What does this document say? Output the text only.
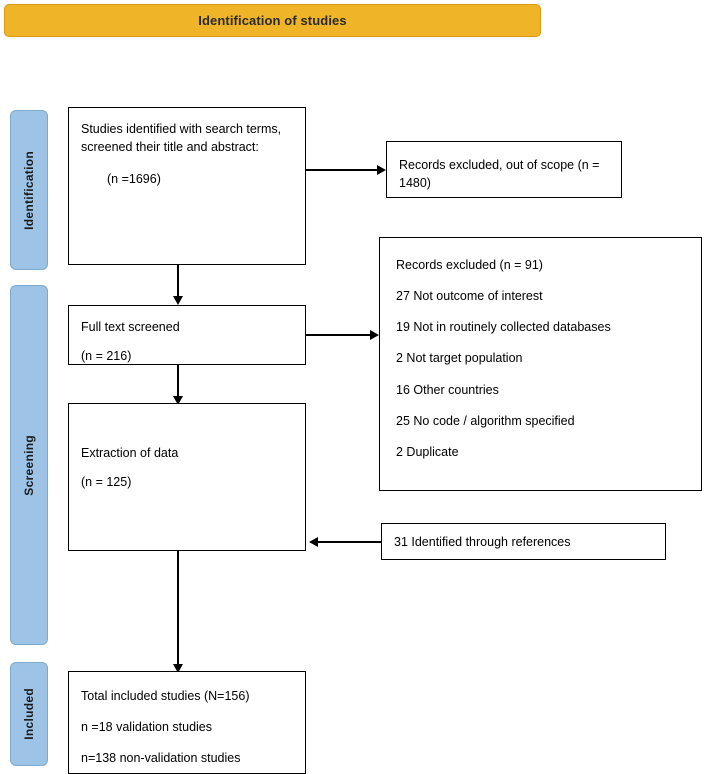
Identification of studies
Identification
Screening
Included

Studies identified with search terms, screened their title and abstract:

(n =1696)

Records excluded, out of scope (n = 1480)

Full text screened

(n = 216)

Records excluded (n = 91)

27 Not outcome of interest

19 Not in routinely collected databases

2 Not target population

16 Other countries

25 No code / algorithm specified

2 Duplicate

Extraction of data

(n = 125)

31 Identified through references

Total included studies (N=156)

n =18 validation studies

n=138 non-validation studies
